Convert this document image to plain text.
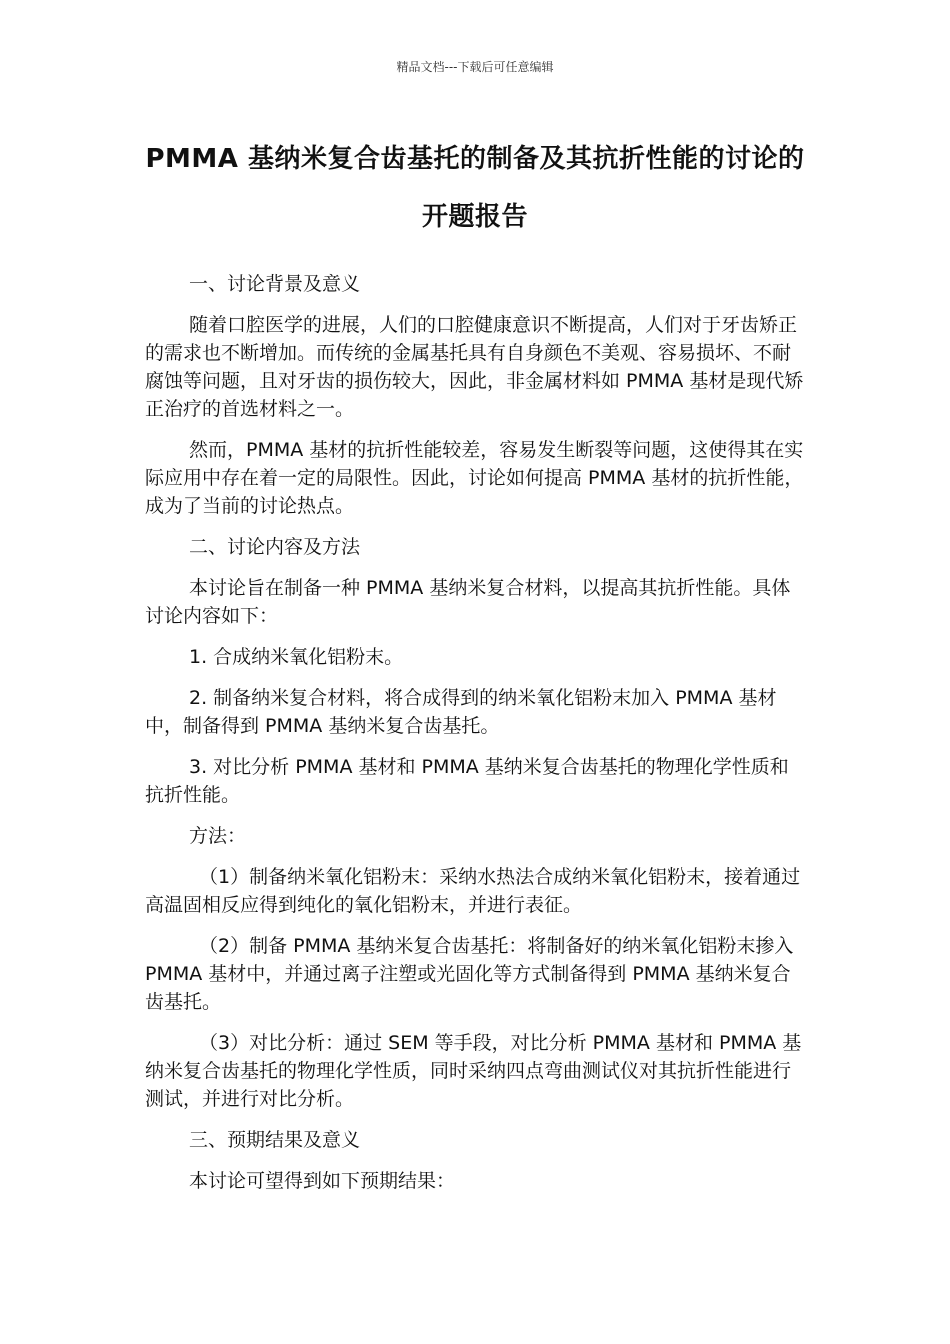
精品文档---下载后可任意编辑
PMMA 基纳米复合齿基托的制备及其抗折性能的讨论的开题报告

一、讨论背景及意义

随着口腔医学的进展，人们的口腔健康意识不断提高，人们对于牙齿矫正的需求也不断增加。而传统的金属基托具有自身颜色不美观、容易损坏、不耐腐蚀等问题，且对牙齿的损伤较大，因此，非金属材料如 PMMA 基材是现代矫正治疗的首选材料之一。

然而，PMMA 基材的抗折性能较差，容易发生断裂等问题，这使得其在实际应用中存在着一定的局限性。因此，讨论如何提高 PMMA 基材的抗折性能，成为了当前的讨论热点。

二、讨论内容及方法

本讨论旨在制备一种 PMMA 基纳米复合材料，以提高其抗折性能。具体讨论内容如下：

1. 合成纳米氧化铝粉末。

2. 制备纳米复合材料，将合成得到的纳米氧化铝粉末加入 PMMA 基材中，制备得到 PMMA 基纳米复合齿基托。

3. 对比分析 PMMA 基材和 PMMA 基纳米复合齿基托的物理化学性质和抗折性能。

方法：

（1）制备纳米氧化铝粉末：采纳水热法合成纳米氧化铝粉末，接着通过高温固相反应得到纯化的氧化铝粉末，并进行表征。

（2）制备 PMMA 基纳米复合齿基托：将制备好的纳米氧化铝粉末掺入 PMMA 基材中，并通过离子注塑或光固化等方式制备得到 PMMA 基纳米复合齿基托。

（3）对比分析：通过 SEM 等手段，对比分析 PMMA 基材和 PMMA 基纳米复合齿基托的物理化学性质，同时采纳四点弯曲测试仪对其抗折性能进行测试，并进行对比分析。

三、预期结果及意义

本讨论可望得到如下预期结果：
